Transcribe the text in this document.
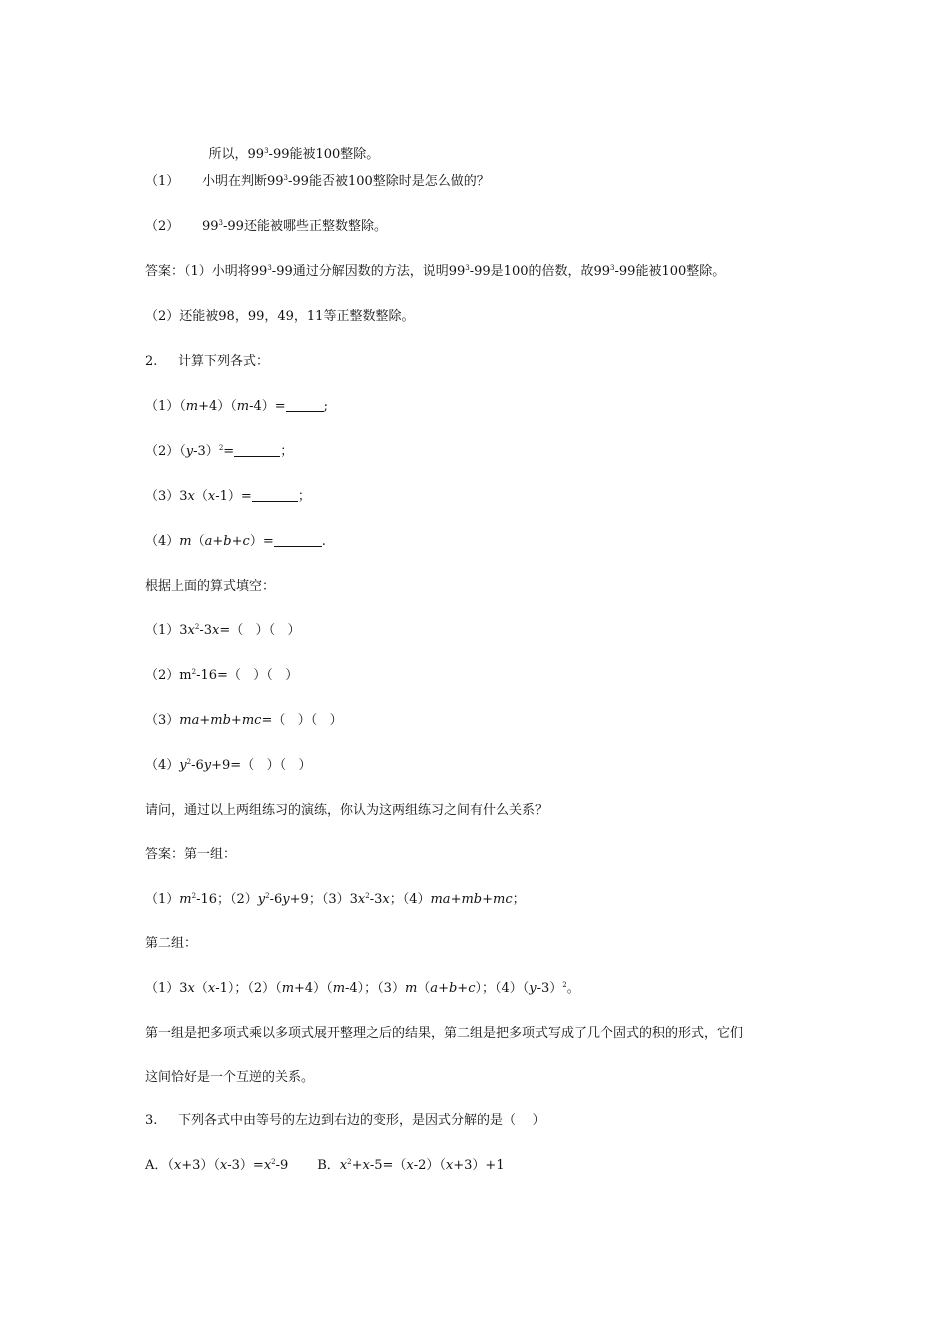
所以，$99^3-99$能被100整除。

（1） 小明在判断$99^3-99$能否被100整除时是怎么做的？
（2） $99^3-99$还能被哪些正整数整除。
答案：（1）小明将$99^3-99$通过分解因数的方法，说明$99^3-99$是100的倍数，故$99^3-99$能被100整除。
（2）还能被98，99，49，11等正整数整除。
2. 计算下列各式：
（1）（m+4）（m-4）=	;
$(2)(y-3)^2=$	；
（3）3x（x-1）=	；
（4）m（a+b+c）=	.
根据上面的算式填空：
$(1)3x^2-3x=$（   ）（   ）
$(2)m^2-16=$（   ）（   ）
（3）ma+mb+mc=（   ）（   ）
$(4)y^2-6y+9=$（   ）（   ）
请问，通过以上两组练习的演练，你认为这两组练习之间有什么关系？
答案：第一组：
$(1)m^2-16$；$(2)y^2-6y+9$；$(3)3x^2-3x$；（4）ma+mb+mc；
第二组：
（1）3x（x-1）；（2）（m+4）（m-4）；（3）m（a+b+c）；$(4)(y-3)^2$。
第一组是把多项式乘以多项式展开整理之后的结果，第二组是把多项式写成了几个固式的积的形式，它们
这间恰好是一个互逆的关系。
3. 下列各式中由等号的左边到右边的变形，是因式分解的是（    ）
A．$(x+3)(x-3)=x^2-9$       B．$x^2+x-5=(x-2)(x+3)+1$
